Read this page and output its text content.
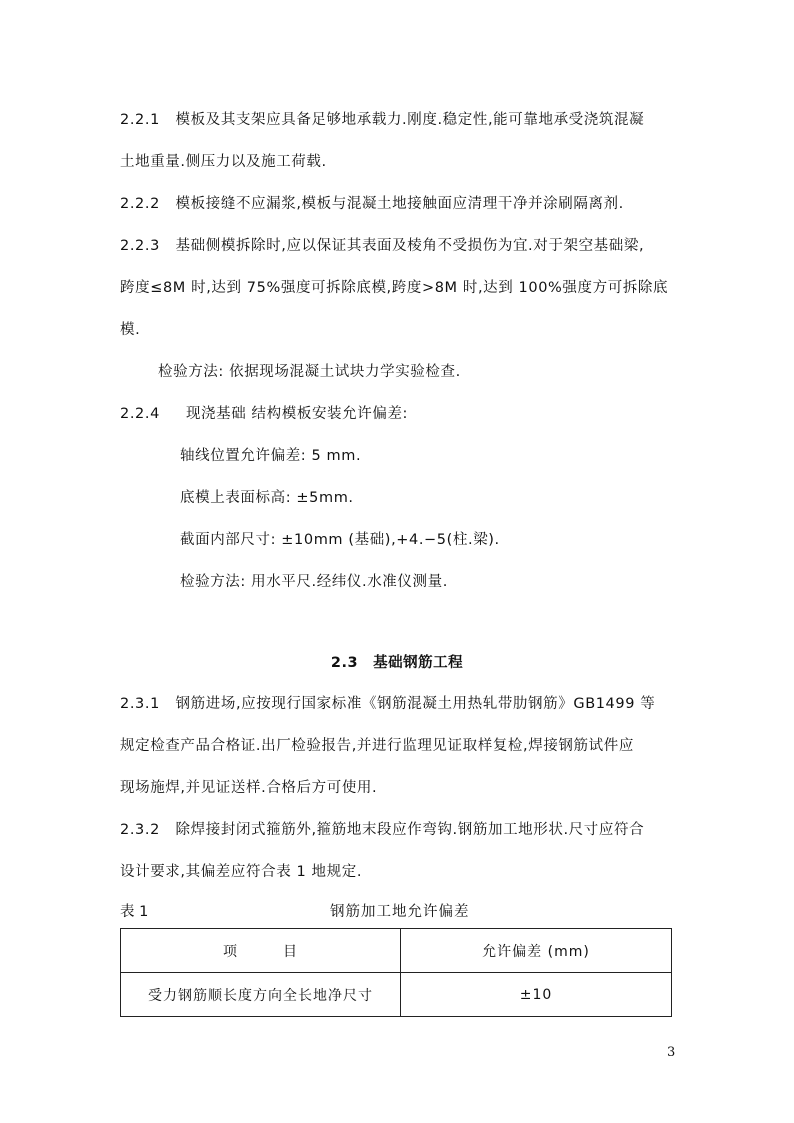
2.2.1 模板及其支架应具备足够地承载力.刚度.稳定性,能可靠地承受浇筑混凝
土地重量.侧压力以及施工荷载.
2.2.2 模板接缝不应漏浆,模板与混凝土地接触面应清理干净并涂刷隔离剂.
2.2.3 基础侧模拆除时,应以保证其表面及棱角不受损伤为宜.对于架空基础梁,
跨度≤8M 时,达到 75%强度可拆除底模,跨度>8M 时,达到 100%强度方可拆除底
模.
检验方法: 依据现场混凝土试块力学实验检查.
2.2.4 现浇基础 结构模板安装允许偏差:
轴线位置允许偏差: 5 mm.
底模上表面标高: ±5mm.
截面内部尺寸: ±10mm (基础),+4.−5(柱.梁).
检验方法: 用水平尺.经纬仪.水准仪测量.
2.3　基础钢筋工程
2.3.1 钢筋进场,应按现行国家标准《钢筋混凝土用热轧带肋钢筋》GB1499 等
规定检查产品合格证.出厂检验报告,并进行监理见证取样复检,焊接钢筋试件应
现场施焊,并见证送样.合格后方可使用.
2.3.2 除焊接封闭式箍筋外,箍筋地末段应作弯钩.钢筋加工地形状.尺寸应符合
设计要求,其偏差应符合表 1 地规定.
表 1	钢筋加工地允许偏差
项　　　目	允许偏差 (mm)
受力钢筋顺长度方向全长地净尺寸	±10
3
